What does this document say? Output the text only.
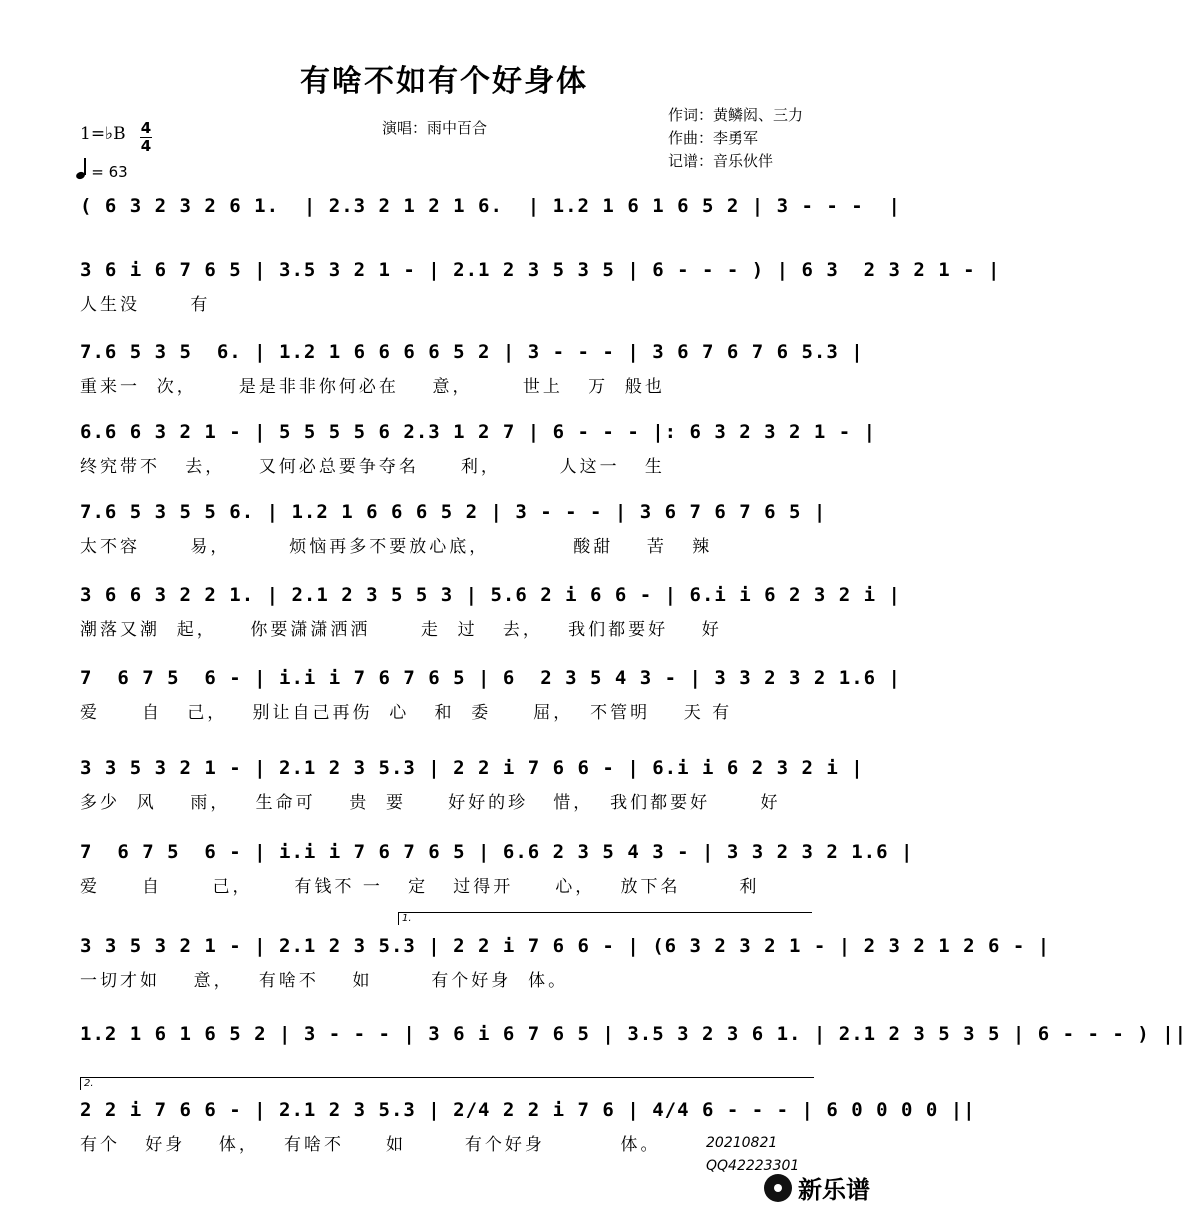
有啥不如有个好身体
1=♭B 4
4
= 63
演唱：雨中百合
作词：黄鳞闳、三力
作曲：李勇军
记谱：音乐伙伴
( 6 3 2 3 2 6 1.  | 2.3 2 1 2 1 6.  | 1.2 1 6 1 6 5 2 | 3 - - -  |
3 6 i 6 7 6 5 | 3.5 3 2 1 - | 2.1 2 3 5 3 5 | 6 - - - ) | 6 3  2 3 2 1 - |
人生没      有
7.6 5 3 5  6. | 1.2 1 6 6 6 6 5 2 | 3 - - - | 3 6 7 6 7 6 5.3 |
重来一  次，     是是非非你何必在    意，      世上   万  般也
6.6 6 3 2 1 - | 5 5 5 5 6 2.3 1 2 7 | 6 - - - |: 6 3 2 3 2 1 - |
终究带不   去，    又何必总要争夺名     利，       人这一   生
7.6 5 3 5 5 6. | 1.2 1 6 6 6 5 2 | 3 - - - | 3 6 7 6 7 6 5 |
太不容      易，       烦恼再多不要放心底，          酸甜    苦   辣
3 6 6 3 2 2 1. | 2.1 2 3 5 5 3 | 5.6 2 i 6 6 - | 6.i i 6 2 3 2 i |
潮落又潮  起，    你要潇潇洒洒      走  过   去，   我们都要好    好
7  6 7 5  6 - | i.i i 7 6 7 6 5 | 6  2 3 5 4 3 - | 3 3 2 3 2 1.6 |
爱     自   己，   别让自己再伤  心   和  委     屈，  不管明    天 有
3 3 5 3 2 1 - | 2.1 2 3 5.3 | 2 2 i 7 6 6 - | 6.i i 6 2 3 2 i |
多少  风    雨，   生命可    贵  要     好好的珍   惜，  我们都要好      好
7  6 7 5  6 - | i.i i 7 6 7 6 5 | 6.6 2 3 5 4 3 - | 3 3 2 3 2 1.6 |
爱     自      己，     有钱不 一   定   过得开     心，   放下名       利
3 3 5 3 2 1 - | 2.1 2 3 5.3 | 2 2 i 7 6 6 - | (6 3 2 3 2 1 - | 2 3 2 1 2 6 - |
一切才如    意，   有啥不    如       有个好身  体。
1.2 1 6 1 6 5 2 | 3 - - - | 3 6 i 6 7 6 5 | 3.5 3 2 3 6 1. | 2.1 2 3 5 3 5 | 6 - - - ) ||
2 2 i 7 6 6 - | 2.1 2 3 5.3 | 2/4 2 2 i 7 6 | 4/4 6 - - - | 6 0 0 0 0 ||
有个   好身    体，   有啥不     如       有个好身         体。
1.
2.
20210821
QQ42223301
新乐谱
